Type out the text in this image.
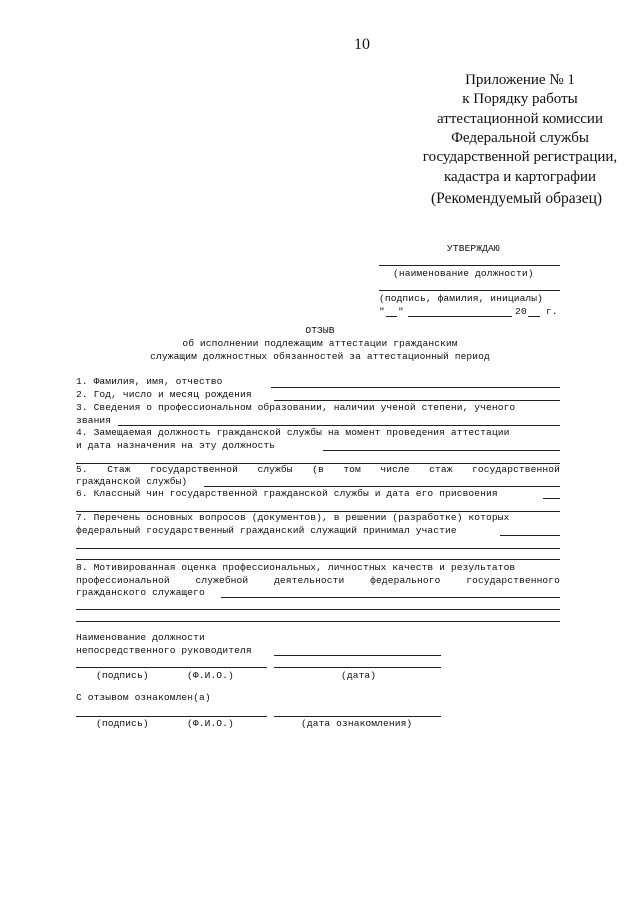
10
Приложение № 1
к Порядку работы
аттестационной комиссии
Федеральной службы
государственной регистрации,
кадастра и картографии
(Рекомендуемый образец)
УТВЕРЖДАЮ
(наименование должности)
(подпись, фамилия, инициалы)
" "	20 г.
ОТЗЫВ
об исполнении подлежащим аттестации гражданским
служащим должностных обязанностей за аттестационный период
1. Фамилия, имя, отчество
2. Год, число и месяц рождения
3. Сведения о профессиональном образовании, наличии ученой степени, ученого
звания
4. Замещаемая должность гражданской службы на момент проведения аттестации
и дата назначения на эту должность
5. Стаж государственной службы (в том числе стаж государственной
гражданской службы)
6. Классный чин государственной гражданской службы и дата его присвоения
7. Перечень основных вопросов (документов), в решении (разработке) которых
федеральный государственный гражданский служащий принимал участие
8. Мотивированная оценка профессиональных, личностных качеств и результатов
профессиональной	служебной	деятельности	федерального	государственного
гражданского служащего
Наименование должности
непосредственного руководителя
(подпись)	(Ф.И.О.)	(дата)
С отзывом ознакомлен(а)
(подпись)	(Ф.И.О.)	(дата ознакомления)
